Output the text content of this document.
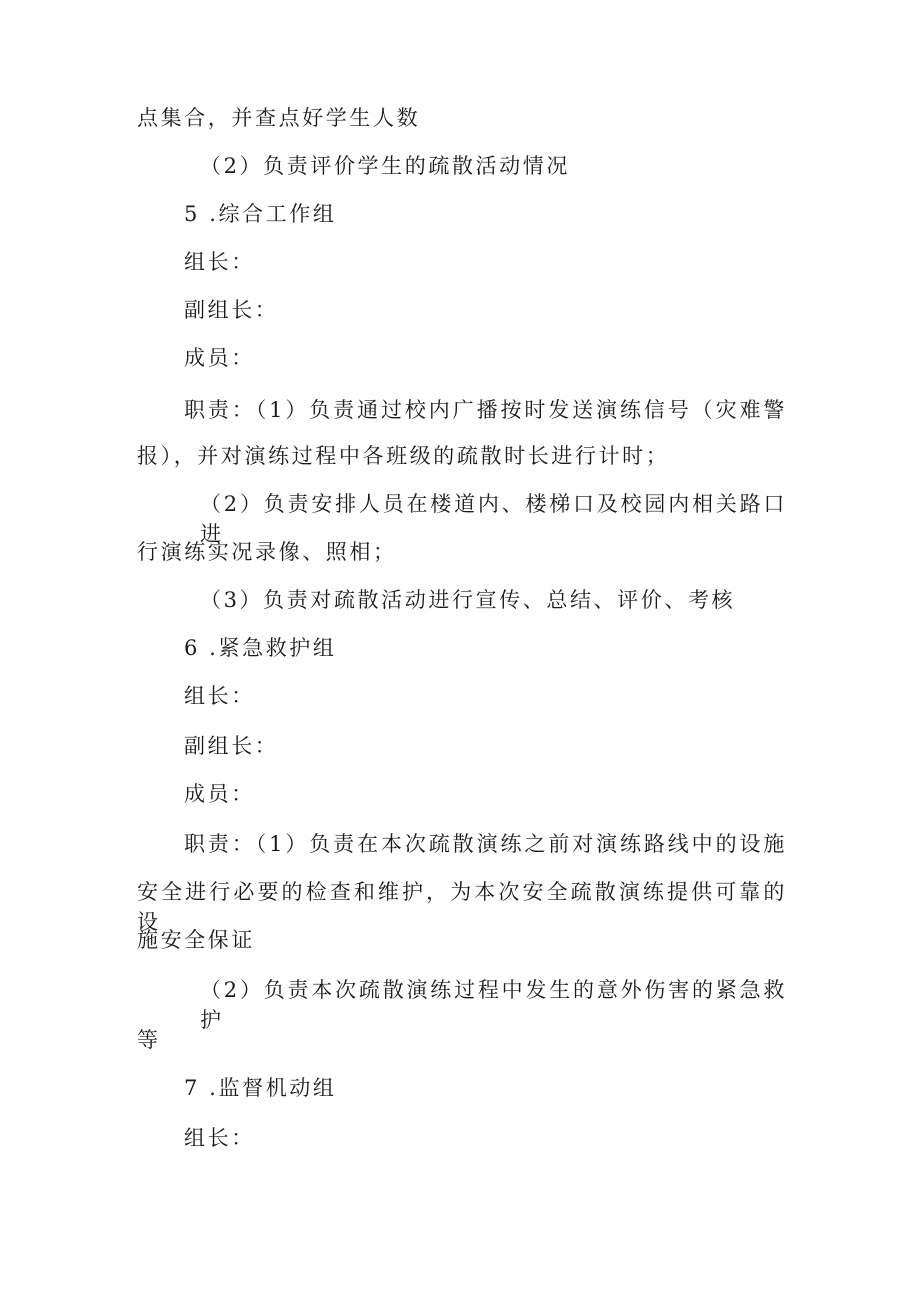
点集合，并查点好学生人数
（2）负责评价学生的疏散活动情况
5 .综合工作组
组长：
副组长：
成员：
职责：（1）负责通过校内广播按时发送演练信号（灾难警
报），并对演练过程中各班级的疏散时长进行计时；
（2）负责安排人员在楼道内、楼梯口及校园内相关路口进
行演练实况录像、照相；
（3）负责对疏散活动进行宣传、总结、评价、考核
6 .紧急救护组
组长：
副组长：
成员：
职责：（1）负责在本次疏散演练之前对演练路线中的设施
安全进行必要的检查和维护，为本次安全疏散演练提供可靠的设
施安全保证
（2）负责本次疏散演练过程中发生的意外伤害的紧急救护
等
7 .监督机动组
组长：
